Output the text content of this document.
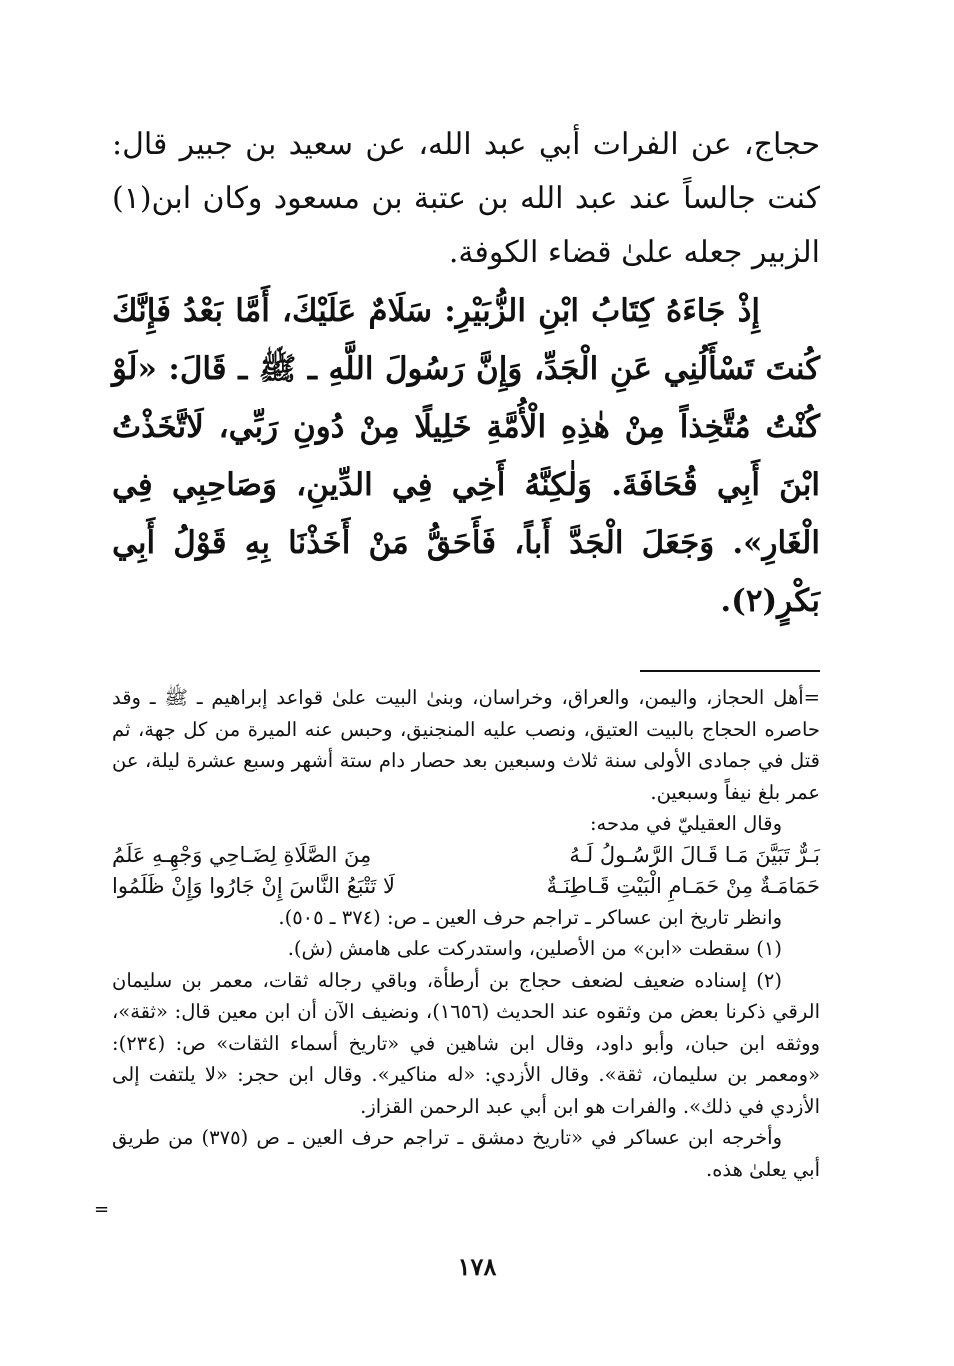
حجاج، عن الفرات أبي عبد الله، عن سعيد بن جبير قال: كنت جالساً عند عبد الله بن عتبة بن مسعود وكان ابن(١) الزبير جعله علىٰ قضاء الكوفة.

إِذْ جَاءَهُ كِتَابُ ابْنِ الزُّبَيْرِ: سَلَامٌ عَلَيْكَ، أَمَّا بَعْدُ فَإِنَّكَ كُنتَ تَسْأَلُنِي عَنِ الْجَدِّ، وَإِنَّ رَسُولَ اللَّهِ ـ ﷺ ـ قَالَ: «لَوْ كُنْتُ مُتَّخِذاً مِنْ هٰذِهِ الْأُمَّةِ خَلِيلًا مِنْ دُونِ رَبِّي، لَاتَّخَذْتُ ابْنَ أَبِي قُحَافَةَ. وَلٰكِنَّهُ أَخِي فِي الدِّينِ، وَصَاحِبِي فِي الْغَارِ». وَجَعَلَ الْجَدَّ أَباً، فَأَحَقُّ مَنْ أَخَذْنَا بِهِ قَوْلُ أَبِي بَكْرٍ(٢).

=أهل الحجاز، واليمن، والعراق، وخراسان، وبنىٰ البيت علىٰ قواعد إبراهيم ـ ﷺ ـ وقد حاصره الحجاج بالبيت العتيق، ونصب عليه المنجنيق، وحبس عنه الميرة من كل جهة، ثم قتل في جمادى الأولى سنة ثلاث وسبعين بعد حصار دام ستة أشهر وسبع عشرة ليلة، عن عمر بلغ نيفاً وسبعين.

وقال العقيليّ في مدحه:

بَـرٌّ تَبَيَّنَ مَـا قَـالَ الرَّسُـولُ لَـهُ
مِنَ الصَّلَاةِ لِضَـاحِي وَجْهِـهِ عَلَمُ
حَمَامَـةٌ مِنْ حَمَـامِ الْبَيْتِ قَـاطِنَـةٌ
لَا تَتْبَعُ النَّاسَ إِنْ جَارُوا وَإِنْ ظَلَمُوا

وانظر تاريخ ابن عساكر ـ تراجم حرف العين ـ ص: (٣٧٤ ـ ٥٠٥).

(١) سقطت «ابن» من الأصلين، واستدركت على هامش (ش).

(٢) إسناده ضعيف لضعف حجاج بن أرطأة، وباقي رجاله ثقات، معمر بن سليمان الرقي ذكرنا بعض من وثقوه عند الحديث (١٦٥٦)، ونضيف الآن أن ابن معين قال: «ثقة»، ووثقه ابن حبان، وأبو داود، وقال ابن شاهين في «تاريخ أسماء الثقات» ص: (٢٣٤): «ومعمر بن سليمان، ثقة». وقال الأزدي: «له مناكير». وقال ابن حجر: «لا يلتفت إلى الأزدي في ذلك». والفرات هو ابن أبي عبد الرحمن القزاز.

وأخرجه ابن عساكر في «تاريخ دمشق ـ تراجم حرف العين ـ ص (٣٧٥) من طريق أبي يعلىٰ هذه.

=
١٧٨
